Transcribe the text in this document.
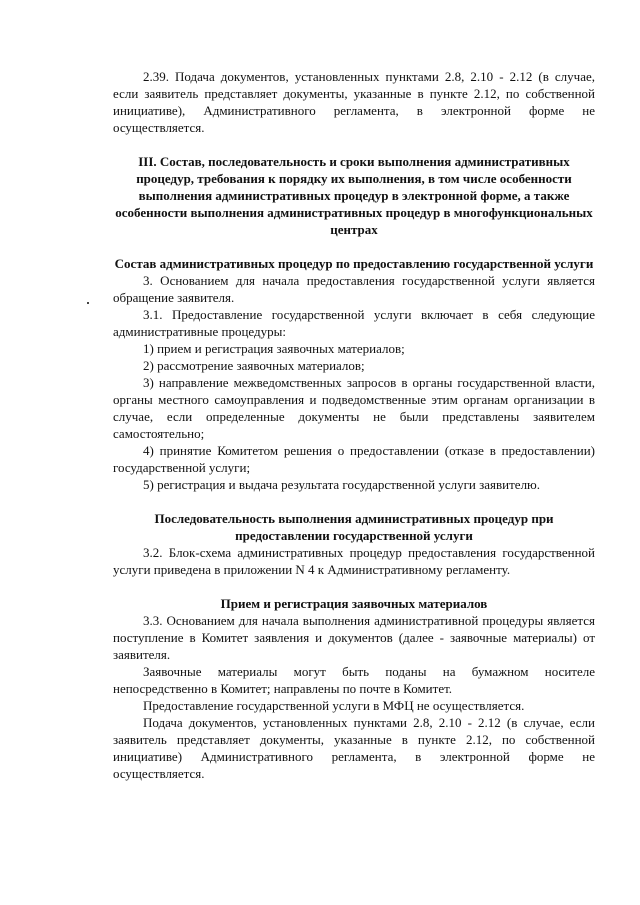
2.39. Подача документов, установленных пунктами 2.8, 2.10 - 2.12 (в случае, если заявитель представляет документы, указанные в пункте 2.12, по собственной инициативе), Административного регламента, в электронной форме не осуществляется.

III. Состав, последовательность и сроки выполнения административных процедур, требования к порядку их выполнения, в том числе особенности выполнения административных процедур в электронной форме, а также особенности выполнения административных процедур в многофункциональных центрах

Состав административных процедур по предоставлению государственной услуги

3. Основанием для начала предоставления государственной услуги является обращение заявителя.

3.1. Предоставление государственной услуги включает в себя следующие административные процедуры:

1) прием и регистрация заявочных материалов;

2) рассмотрение заявочных материалов;

3) направление межведомственных запросов в органы государственной власти, органы местного самоуправления и подведомственные этим органам организации в случае, если определенные документы не были представлены заявителем самостоятельно;

4) принятие Комитетом решения о предоставлении (отказе в предоставлении) государственной услуги;

5) регистрация и выдача результата государственной услуги заявителю.

Последовательность выполнения административных процедур при предоставлении государственной услуги

3.2. Блок-схема административных процедур предоставления государственной услуги приведена в приложении N 4 к Административному регламенту.

Прием и регистрация заявочных материалов

3.3. Основанием для начала выполнения административной процедуры является поступление в Комитет заявления и документов (далее - заявочные материалы) от заявителя.

Заявочные материалы могут быть поданы на бумажном носителе непосредственно в Комитет; направлены по почте в Комитет.

Предоставление государственной услуги в МФЦ не осуществляется.

Подача документов, установленных пунктами 2.8, 2.10 - 2.12 (в случае, если заявитель представляет документы, указанные в пункте 2.12, по собственной инициативе) Административного регламента, в электронной форме не осуществляется.
